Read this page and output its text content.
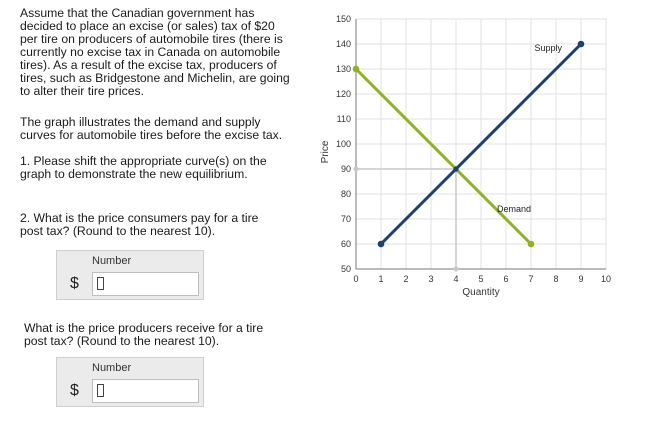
Assume that the Canadian government has
decided to place an excise (or sales) tax of $20
per tire on producers of automobile tires (there is
currently no excise tax in Canada on automobile
tires). As a result of the excise tax, producers of
tires, such as Bridgestone and Michelin, are going
to alter their tire prices.
The graph illustrates the demand and supply
curves for automobile tires before the excise tax.
1. Please shift the appropriate curve(s) on the
graph to demonstrate the new equilibrium.
2. What is the price consumers pay for a tire
post tax? (Round to the nearest 10).
Number
$
What is the price producers receive for a tire
post tax? (Round to the nearest 10).
Number
$
0 1 2 3 4 5 6 7 8 9 10
50
60
70
80
90
100
110
120
130
140
150
Quantity
Price
Supply
Demand
